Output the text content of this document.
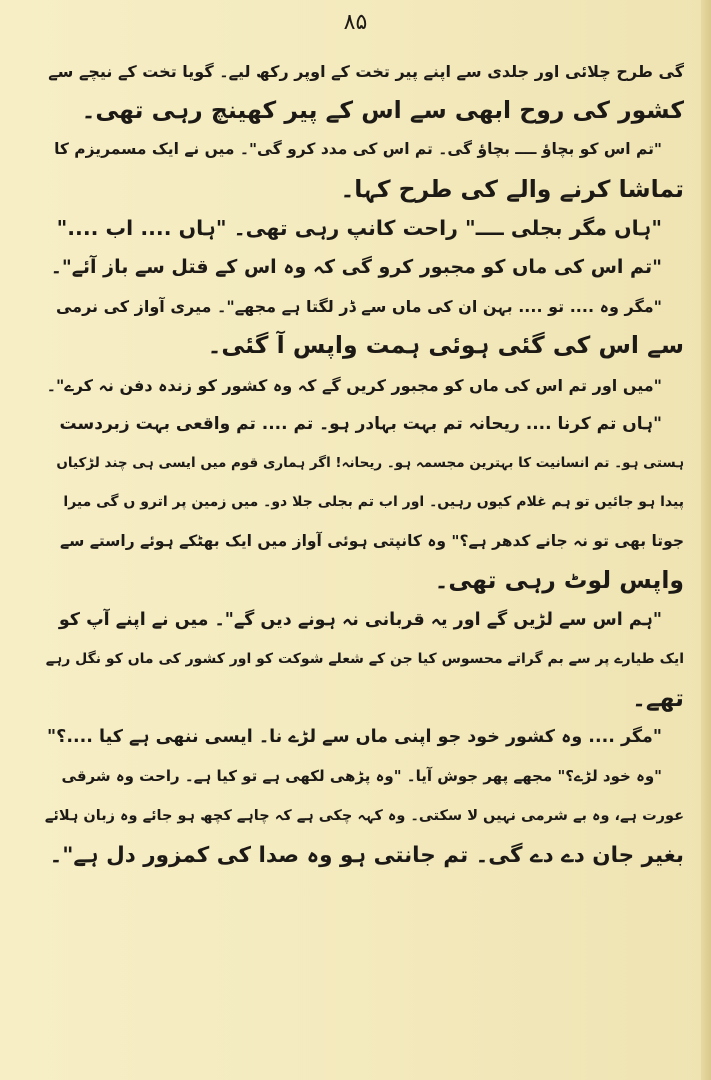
۸۵
گی طرح چلائی اور جلدی سے اپنے پیر تخت کے اوپر رکھ لیے۔ گویا تخت کے نیچے سے
کشور کی روح ابھی سے اس کے پیر کھینچ رہی تھی۔
"تم اس کو بچاؤ ــــ بچاؤ گی۔ تم اس کی مدد کرو گی"۔ میں نے ایک مسمریزم کا
تماشا کرنے والے کی طرح کہا۔
"ہاں مگر بجلی ــــ" راحت کانپ رہی تھی۔ "ہاں .... اب ...."
"تم اس کی ماں کو مجبور کرو گی کہ وہ اس کے قتل سے باز آئے"۔
"مگر وہ .... تو .... بہن ان کی ماں سے ڈر لگتا ہے مجھے"۔ میری آواز کی نرمی
سے اس کی گئی ہوئی ہمت واپس آ گئی۔
"میں اور تم اس کی ماں کو مجبور کریں گے کہ وہ کشور کو زندہ دفن نہ کرے"۔
"ہاں تم کرنا .... ریحانہ تم بہت بہادر ہو۔ تم .... تم واقعی بہت زبردست
ہستی ہو۔ تم انسانیت کا بہترین مجسمہ ہو۔ ریحانہ! اگر ہماری قوم میں ایسی ہی چند لڑکیاں
پیدا ہو جائیں تو ہم غلام کیوں رہیں۔ اور اب تم بجلی جلا دو۔ میں زمین پر اترو ں گی میرا
جوتا بھی تو نہ جانے کدھر ہے؟" وہ کانپتی ہوئی آواز میں ایک بھٹکے ہوئے راستے سے
واپس لوٹ رہی تھی۔
"ہم اس سے لڑیں گے اور یہ قربانی نہ ہونے دیں گے"۔ میں نے اپنے آپ کو
ایک طیارے پر سے بم گراتے محسوس کیا جن کے شعلے شوکت کو اور کشور کی ماں کو نگل رہے
تھے۔
"مگر .... وہ کشور خود جو اپنی ماں سے لڑے نا۔ ایسی ننھی ہے کیا ....؟"
"وہ خود لڑے؟" مجھے پھر جوش آیا۔ "وہ پڑھی لکھی ہے تو کیا ہے۔ راحت وہ شرقی
عورت ہے، وہ بے شرمی نہیں لا سکتی۔ وہ کہہ چکی ہے کہ چاہے کچھ ہو جائے وہ زبان ہلائے
بغیر جان دے دے گی۔ تم جانتی ہو وہ صدا کی کمزور دل ہے"۔
